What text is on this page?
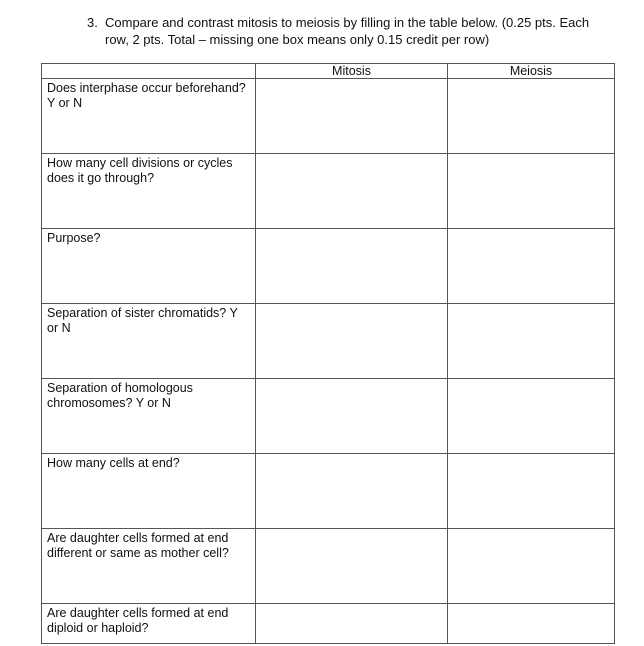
3. Compare and contrast mitosis to meiosis by filling in the table below. (0.25 pts. Each row, 2 pts. Total – missing one box means only 0.15 credit per row)
	Mitosis	Meiosis
Does interphase occur beforehand? Y or N		
How many cell divisions or cycles does it go through?		
Purpose?		
Separation of sister chromatids? Y or N		
Separation of homologous chromosomes? Y or N		
How many cells at end?		
Are daughter cells formed at end different or same as mother cell?		
Are daughter cells formed at end diploid or haploid?		
